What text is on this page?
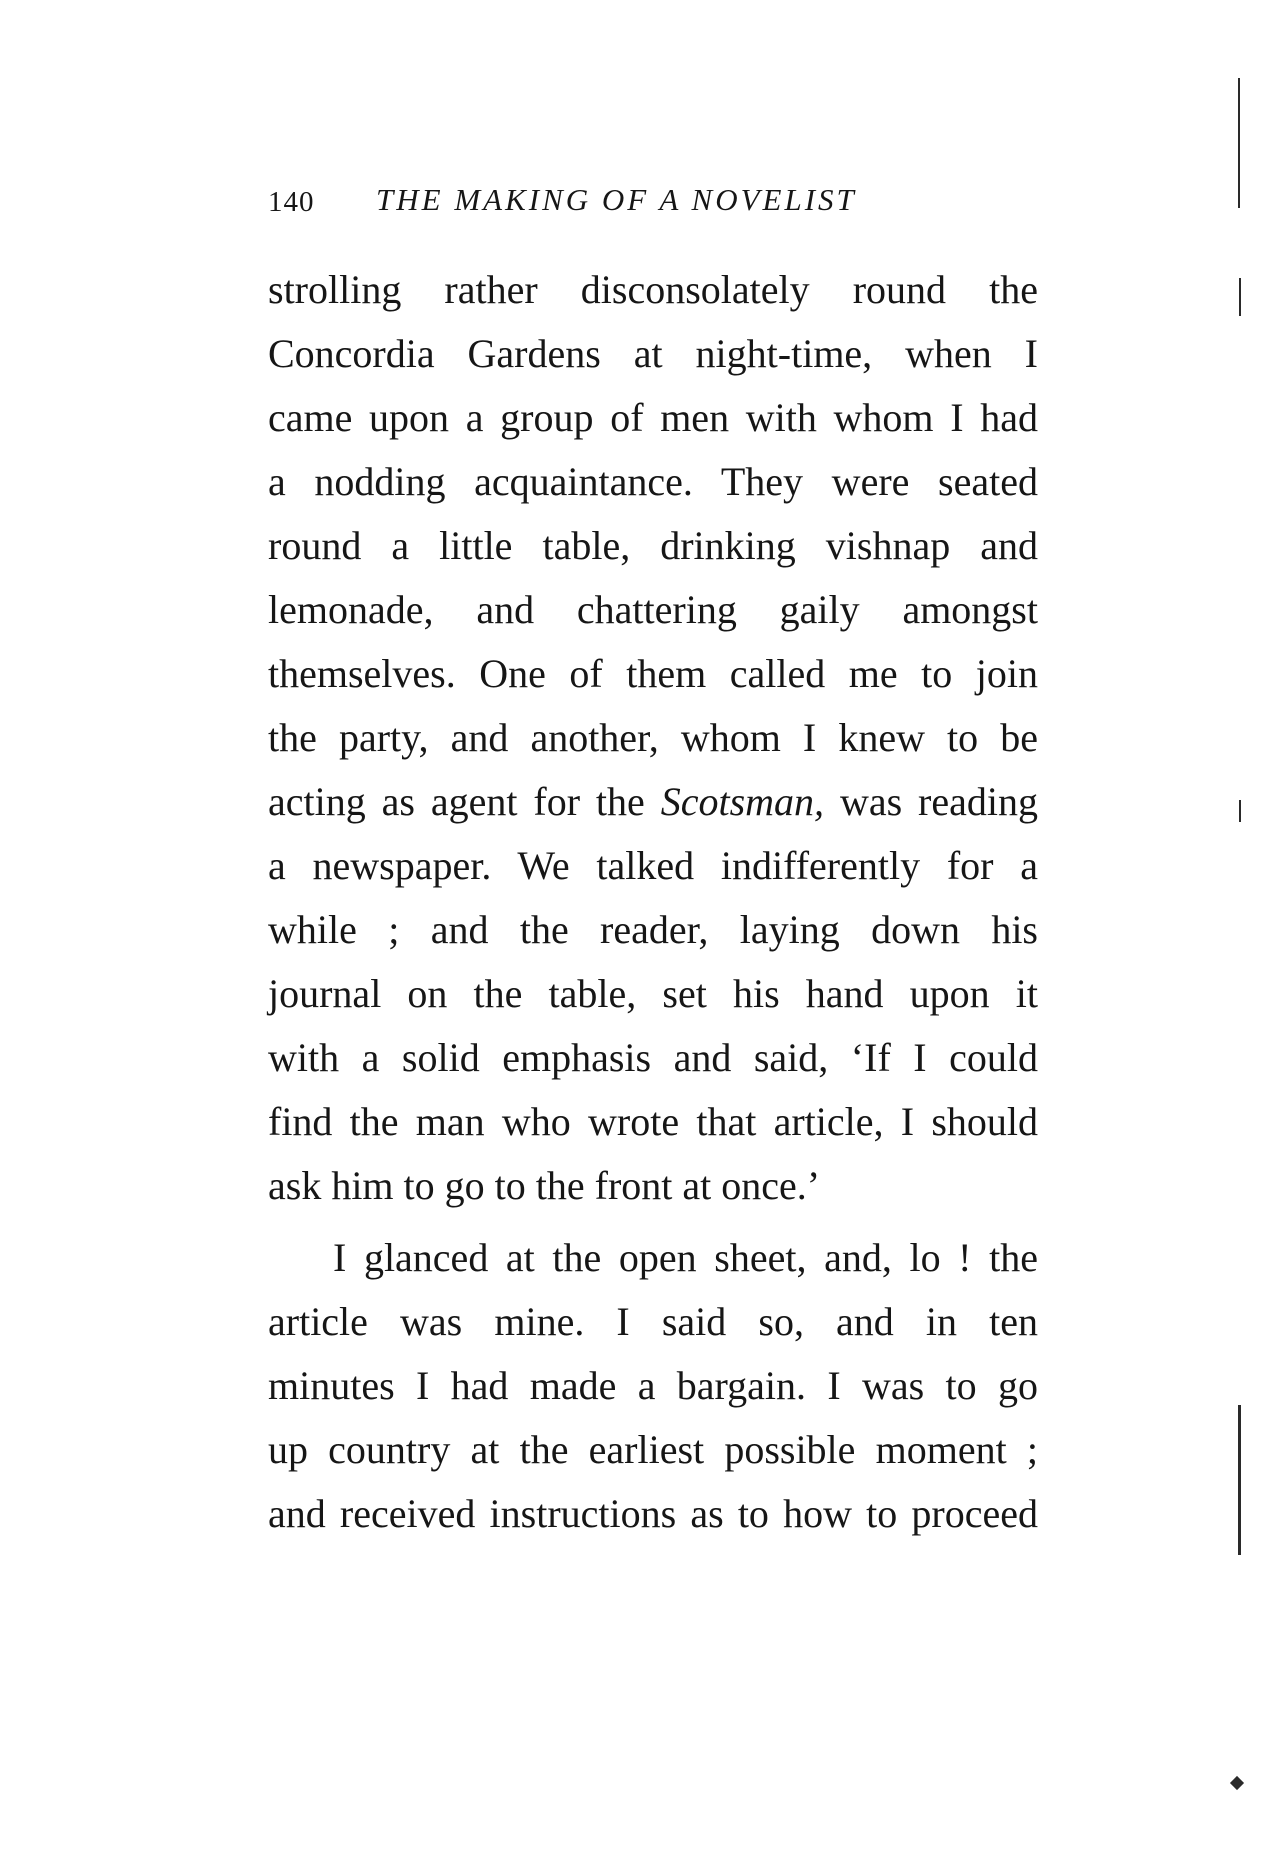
140 THE MAKING OF A NOVELIST
strolling rather disconsolately round the
Concordia Gardens at night-time, when I
came upon a group of men with whom I had
a nodding acquaintance. They were seated
round a little table, drinking vishnap and
lemonade, and chattering gaily amongst
themselves. One of them called me to join
the party, and another, whom I knew to be
acting as agent for the Scotsman, was reading
a newspaper. We talked indifferently for a
while ; and the reader, laying down his
journal on the table, set his hand upon it
with a solid emphasis and said, ‘If I could
find the man who wrote that article, I should
ask him to go to the front at once.’
I glanced at the open sheet, and, lo ! the
article was mine. I said so, and in ten
minutes I had made a bargain. I was to go
up country at the earliest possible moment ;
and received instructions as to how to proceed
